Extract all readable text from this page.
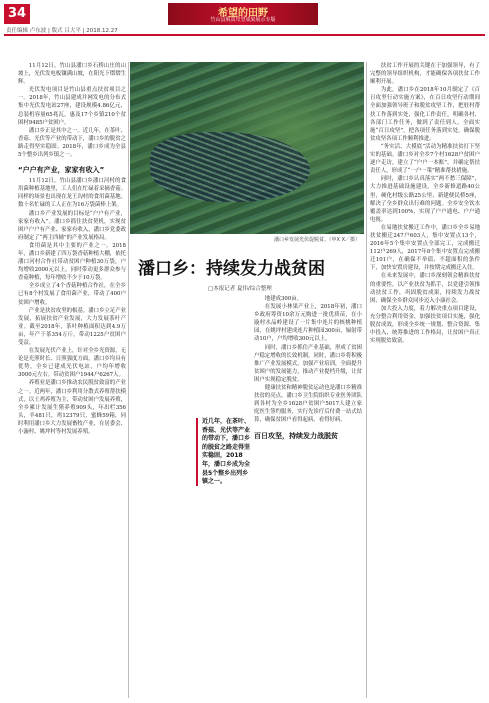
34
责任编辑 卢东波 | 版式 吕大平 | 2018.12.27
希望的田野
竹山县脱贫攻坚成果展示专版

11月12日，竹山县潘口乡石桥山庄的山坡上，光伏发电板镶满山坡，在阳光下熠熠生辉。

光伏发电项目是竹山县重点扶贫项目之一。2018年，竹山县建成并网发电的分布式集中光伏发电站27座，建设规模4.86亿元，总装机容量65兆瓦，惠及17个乡镇210个贫困村9485户贫困户。

潘口乡正是其中之一。近几年，在茶叶、香菇、光伏等产业的带动下，潘口乡的脱贫之路走得坚实稳固。2018年，潘口乡成为全县5个整乡出列乡镇之一。

“户户有产业，家家有收入”

11月12日，竹山县潘口乡潘口河村的食用菌种植基地里，工人们在忙碌着采摘香菇。同样的场景也出现在龙王沟村的食用菌基地。数十名忙碌的工人正在为16万袋菌棒上架。

潘口乡产业发展的目标是“户户有产业，家家有收入”。潘口乡抓住扶贫契机，实现贫困户户户有产业、家家有收入，潘口乡党委政府制定了“两主四辅”的产业发展格局。

食用菌是其中主要的产业之一。2018年，潘口乡新建了四万袋香菇种植大棚，依托潘口河村合作社带动贫困户种植30万袋，户均增收2000元以上，同时带动更多群众参与香菇种植，每年增收不少于10万袋。

全乡成立了4个香菇种植合作社，在全乡已有8个村发展了食用菌产业，带动了400户贫困户增收。

产业是扶贫攻坚的根基。潘口乡立足产业发展，拓展扶贫产业发展，大力发展茶叶产业。截至2018年，茶叶种植面积达到4.9万亩，年产干茶354万斤，带动1225户贫困户受益。

在发展光伏产业上，针对全乡光资源，无论是光照时长、日照强度方面，潘口乡均具有优势，全乡已建成光伏电站，户均年增收3000元左右。带动贫困户1944户6267人。

养殖业是潘口乡推动农民脱贫致富的产业之一。近两年，潘口乡利用分散式养殖帮扶模式，以土鸡养殖为主，带动贫困户发展养殖，全乡累计发展生猪养殖909头，年出栏356头，羊481只，鸡12379只，蜜蜂59箱，同时利用潘口乡大力发展畜牧产业，在居委会、小漩村、姚坪村等村发展养殖。

潘口乡发展光伏促脱贫。（申X X／摄）
潘口乡：持续发力战贫困
□本报记者 夏伟/综合整理
近几年，在茶叶、香菇、光伏等产业的带动下，潘口乡的脱贫之路走得坚实稳固，2018年，潘口乡成为全县5个整乡出列乡镇之一。

地建成300亩。

在发展小林果产业上，2018年初，潘口乡政府筹资10余万元购进一批优质苗，在小漩村水品岭建设了一片集中连片的核桃种植园，在姚坪村建成连片种植园300亩，辐射带动10户，户均增收300元以上。

同时，潘口乡抓住产业基础，形成了贫困户稳定增收的长效机制。同时，潘口乡将积极推广产业发展模式，加强产业培训，全面提升贫困户的发展能力，推动产业提档升级，让贫困户实现稳定脱贫。

健康扶贫和精神脱贫运动也是潘口乡精准扶贫的亮点。潘口乡卫生院组织专业医务团队到各村为全乡1628户贫困户5017人建立家庭医生签约服务，实行先诊疗后付费一站式结算，确保贫困户看得起病、看得好病。

百日攻坚，持续发力战脱贫

扶贫工作开展的关键在于加强领导，有了完整的领导组织机构，才能确保各项扶贫工作顺利开展。

为此，潘口乡在2018年10月制定了《百日攻坚行动实施方案》，在百日攻坚行动期间全面加强领导班子和脱贫攻坚工作，把驻村帮扶工作落到实处，强化工作责任，明确各村、各部门工作任务，做到了责任到人，全面实施“百日攻坚”，把各项任务落到实处，确保脱贫攻坚各项工作顺利推进。

“务实活、大摸底”活动为精准扶贫打下坚实的基础。潘口乡对全乡7个村1628户贫困户逐户走访，建立了“户户一本账”，并确定帮扶责任人，形成了“一户一策”精准帮扶措施。

同时，潘口乡认真落实“两不愁三保障”，大力推进基础设施建设，全乡新修道路40公里，硬化村级公路25公里，新建便民桥5座，解决了全乡群众出行难的问题。全乡安全饮水覆盖率达到100%，实现了户户通电、户户通电视。

在易地扶贫搬迁工作中，潘口乡全乡易地扶贫搬迁247户603人，集中安置点13个，2016年5个集中安置点全部完工，完成搬迁112户269人，2017年8个集中安置点完成搬迁101户，在确保不举债、不超面积的条件下，加快安置房建设，并按期完成搬迁入住。

在未来发展中，潘口乡深刻领会精准扶贫的重要性，以产业扶贫为抓手，以党建引领推动扶贫工作，巩固脱贫成果，持续发力战贫困，确保全乡群众同步迈入小康社会。

加大投入力度，着力解决重点项目建设，充分整合利用资金，加强扶贫项目实施，强化脱贫成效，形成全乡统一规划、整合资源、集中投入、统筹推进的工作格局，让贫困户真正实现脱贫致富。
